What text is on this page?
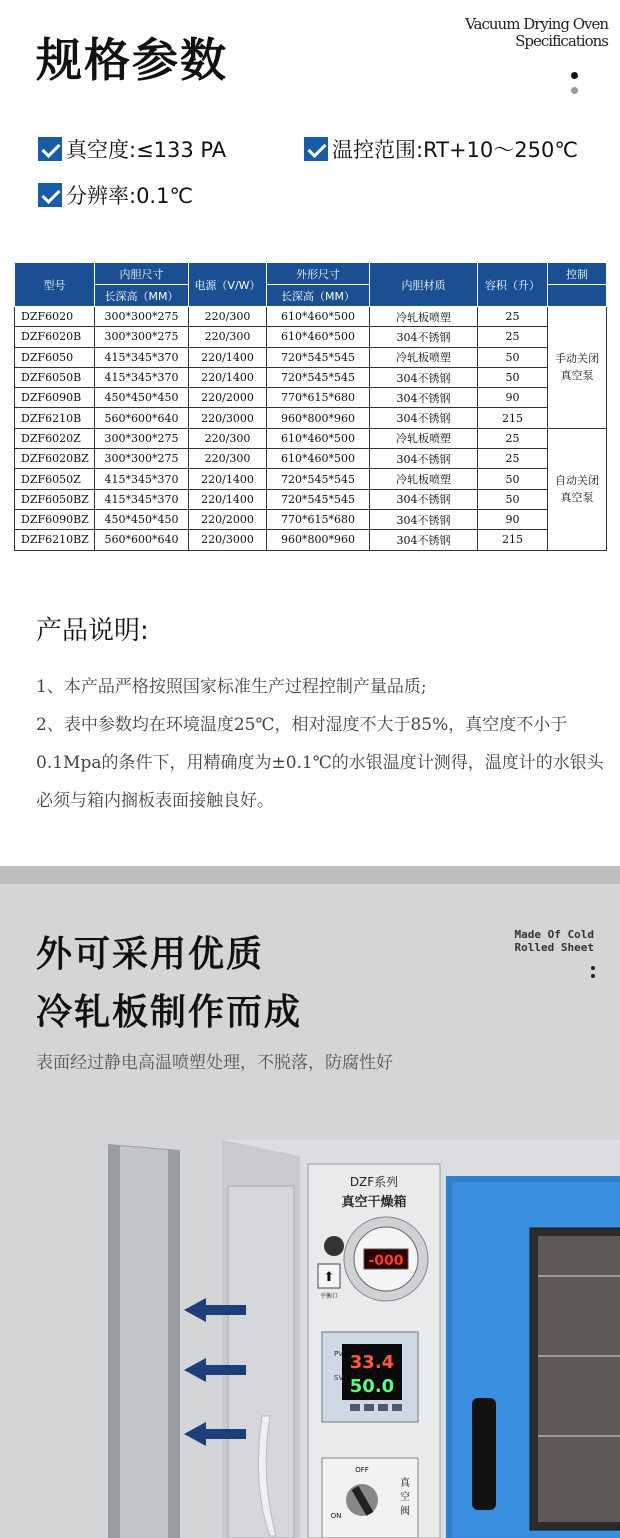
规格参数
Vacuum Drying Oven
Specifications
真空度:≤133 PA	温控范围:RT+10～250℃
分辨率:0.1℃
型号	内胆尺寸	电源（V/W）	外形尺寸	内胆材质	容积（升）	控制
	长深高（MM）		长深高（MM）			
DZF6020	300*300*275	220/300	610*460*500	冷轧板喷塑	25	手动关闭
真空泵

DZF6020B	300*300*275	220/300	610*460*500	304不锈钢	25	
DZF6050	415*345*370	220/1400	720*545*545	冷轧板喷塑	50	
DZF6050B	415*345*370	220/1400	720*545*545	304不锈钢	50	
DZF6090B	450*450*450	220/2000	770*615*680	304不锈钢	90	
DZF6210B	560*600*640	220/3000	960*800*960	304不锈钢	215	
DZF6020Z	300*300*275	220/300	610*460*500	冷轧板喷塑	25	自动关闭
真空泵

DZF6020BZ	300*300*275	220/300	610*460*500	304不锈钢	25	
DZF6050Z	415*345*370	220/1400	720*545*545	冷轧板喷塑	50	
DZF6050BZ	415*345*370	220/1400	720*545*545	304不锈钢	50	
DZF6090BZ	450*450*450	220/2000	770*615*680	304不锈钢	90	
DZF6210BZ	560*600*640	220/3000	960*800*960	304不锈钢	215	
产品说明:
1、本产品严格按照国家标准生产过程控制产量品质;
2、表中参数均在环境温度25℃，相对湿度不大于85%，真空度不小于0.1Mpa的条件下，用精确度为±0.1℃的水银温度计测得，温度计的水银头必须与箱内搁板表面接触良好。
外可采用优质
冷轧板制作而成
Made Of Cold
Rolled Sheet
表面经过静电高温喷塑处理，不脱落，防腐性好
DZF系列
真空干燥箱
-000
⬆
平衡口
PV
SV
33.4
50.0
OFF
ON
真
空
阀
